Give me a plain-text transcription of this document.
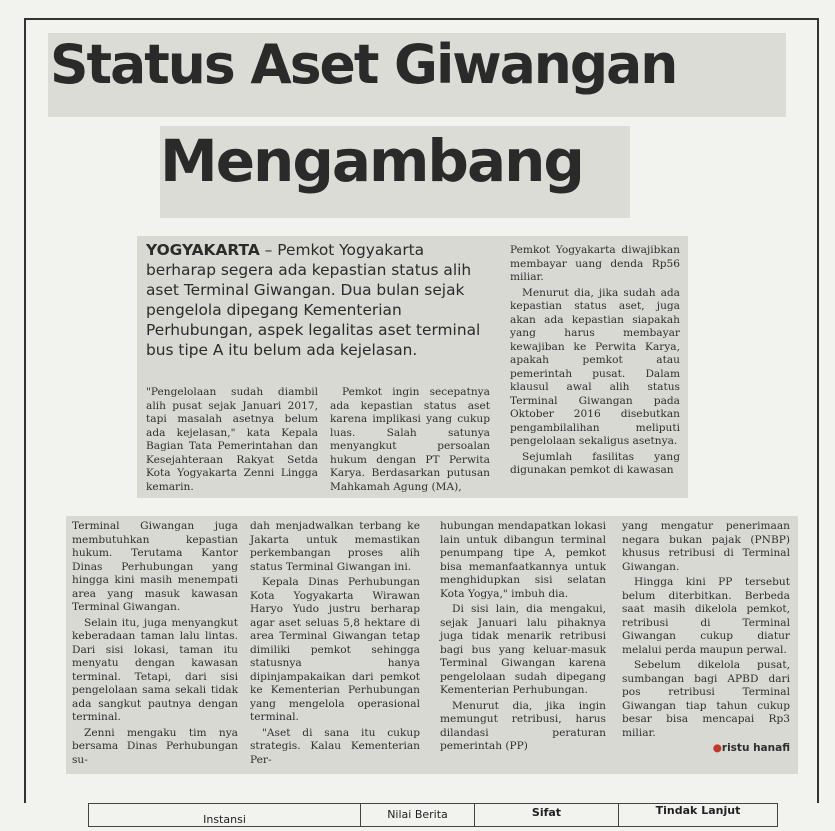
Status Aset Giwangan
Mengambang
YOGYAKARTA – Pemkot Yogyakarta berharap segera ada kepastian status alih aset Terminal Giwangan. Dua bulan sejak pengelola dipegang Kementerian Perhubungan, aspek legalitas aset terminal bus tipe A itu belum ada kejelasan.

"Pengelolaan sudah diambil alih pusat sejak Januari 2017, tapi masalah asetnya belum ada kejelasan," kata Kepala Bagian Tata Pemerintahan dan Kesejahteraan Rakyat Setda Kota Yogyakarta Zenni Lingga kemarin.

Pemkot ingin secepatnya ada kepastian status aset karena implikasi yang cukup luas. Salah satunya menyangkut persoalan hukum dengan PT Perwita Karya. Berdasarkan putusan Mahkamah Agung (MA),

Pemkot Yogyakarta diwajibkan membayar uang denda Rp56 miliar.

Menurut dia, jika sudah ada kepastian status aset, juga akan ada kepastian siapakah yang harus membayar kewajiban ke Perwita Karya, apakah pemkot atau pemerintah pusat. Dalam klausul awal alih status Terminal Giwangan pada Oktober 2016 disebutkan pengambilalihan meliputi pengelolaan sekaligus asetnya.

Sejumlah fasilitas yang digunakan pemkot di kawasan

Terminal Giwangan juga membutuhkan kepastian hukum. Terutama Kantor Dinas Perhubungan yang hingga kini masih menempati area yang masuk kawasan Terminal Giwangan.

Selain itu, juga menyangkut keberadaan taman lalu lintas. Dari sisi lokasi, taman itu menyatu dengan kawasan terminal. Tetapi, dari sisi pengelolaan sama sekali tidak ada sangkut pautnya dengan terminal.

Zenni mengaku tim nya bersama Dinas Perhubungan su-

dah menjadwalkan terbang ke Jakarta untuk memastikan perkembangan proses alih status Terminal Giwangan ini.

Kepala Dinas Perhubungan Kota Yogyakarta Wirawan Haryo Yudo justru berharap agar aset seluas 5,8 hektare di area Terminal Giwangan tetap dimiliki pemkot sehingga statusnya hanya dipinjampakaikan dari pemkot ke Kementerian Perhubungan yang mengelola operasional terminal.

"Aset di sana itu cukup strategis. Kalau Kementerian Per-

hubungan mendapatkan lokasi lain untuk dibangun terminal penumpang tipe A, pemkot bisa memanfaatkannya untuk menghidupkan sisi selatan Kota Yogya," imbuh dia.

Di sisi lain, dia mengakui, sejak Januari lalu pihaknya juga tidak menarik retribusi bagi bus yang keluar-masuk Terminal Giwangan karena pengelolaan sudah dipegang Kementerian Perhubungan.

Menurut dia, jika ingin memungut retribusi, harus dilandasi peraturan pemerintah (PP)

yang mengatur penerimaan negara bukan pajak (PNBP) khusus retribusi di Terminal Giwangan.

Hingga kini PP tersebut belum diterbitkan. Berbeda saat masih dikelola pemkot, retribusi di Terminal Giwangan cukup diatur melalui perda maupun perwal.

Sebelum dikelola pusat, sumbangan bagi APBD dari pos retribusi Terminal Giwangan tiap tahun cukup besar bisa mencapai Rp3 miliar.

●ristu hanafi
Instansi	Nilai Berita	Sifat	Tindak Lanjut
